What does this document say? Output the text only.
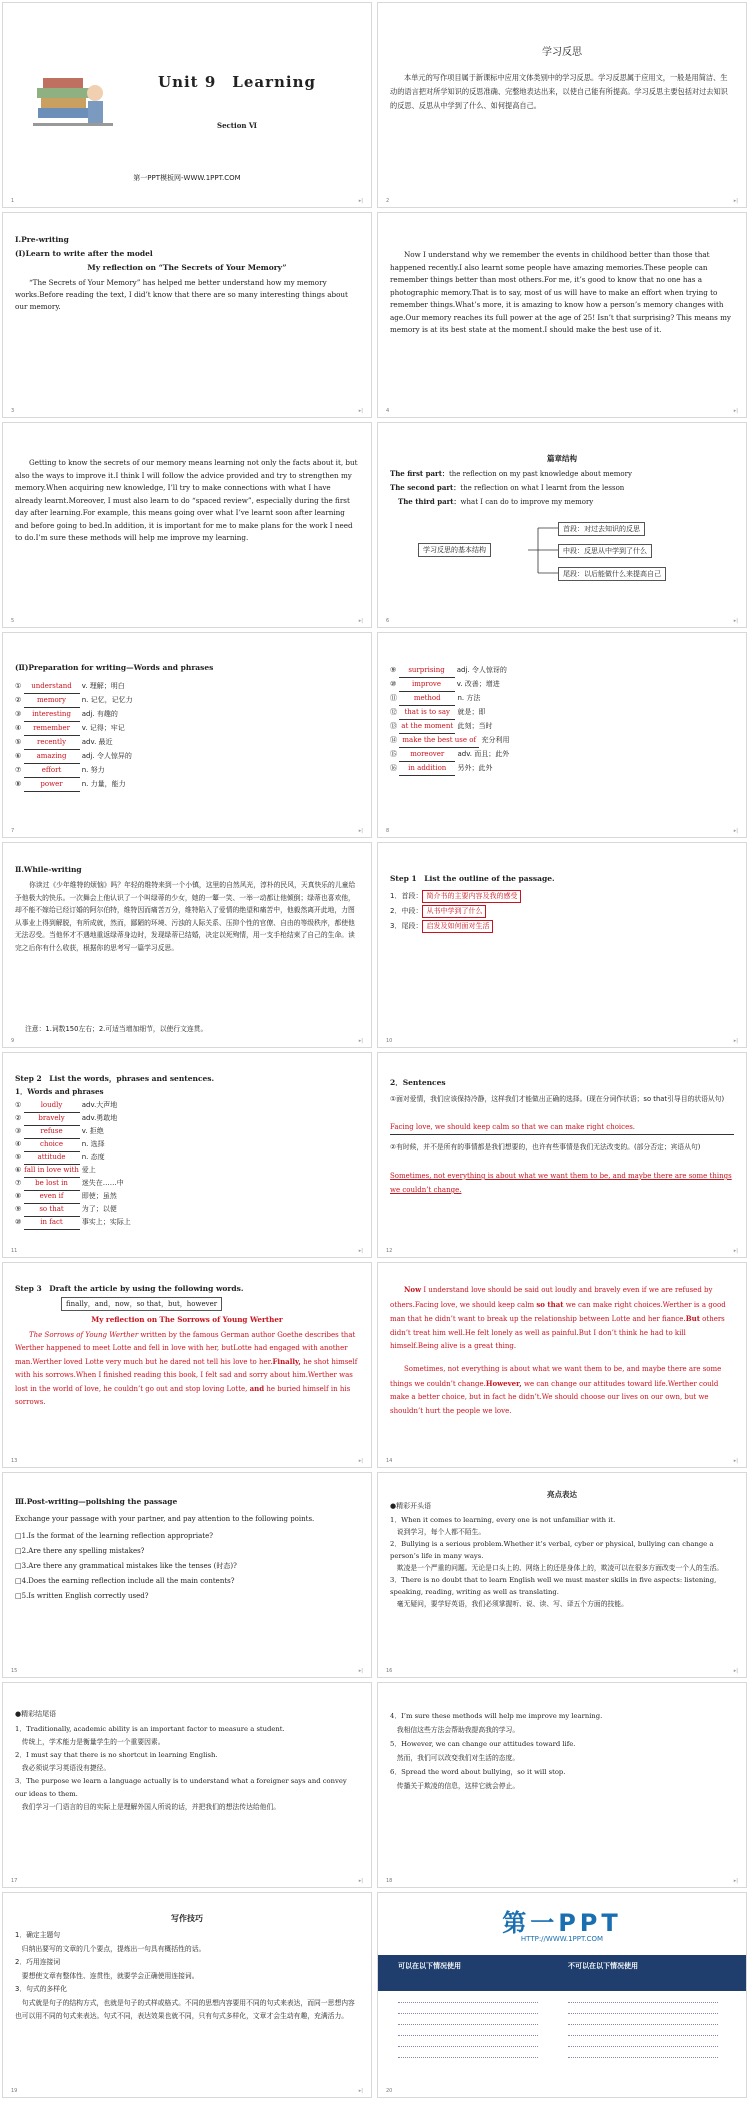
Unit 9　Learning
Section Ⅵ
第一PPT模板网-WWW.1PPT.COM
1	▸|
学习反思
本单元的写作项目属于新课标中应用文体类别中的学习反思。学习反思属于应用文，一般是用简洁、生动的语言把对所学知识的反思准确、完整地表达出来，以使自己能有所提高。学习反思主要包括对过去知识的反思、反思从中学到了什么、如何提高自己。
2	▸|
Ⅰ.Pre-writing
(Ⅰ)Learn to write after the model
My reflection on “The Secrets of Your Memory”
“The Secrets of Your Memory” has helped me better understand how my memory works.Before reading the text, I did’t know that there are so many interesting things about our memory.
3	▸|
Now I understand why we remember the events in childhood better than those that happened recently.I also learnt some people have amazing memories.These people can remember things better than most others.For me, it’s good to know that no one has a photographic memory.That is to say, most of us will have to make an effort when trying to remember things.What’s more, it is amazing to know how a person’s memory changes with age.Our memory reaches its full power at the age of 25! Isn’t that surprising? This means my memory is at its best state at the moment.I should make the best use of it.
4	▸|
Getting to know the secrets of our memory means learning not only the facts about it, but also the ways to improve it.I think I will follow the advice provided and try to strengthen my memory.When acquiring new knowledge, I’ll try to make connections with what I have already learnt.Moreover, I must also learn to do “spaced review”, especially during the first day after learning.For example, this means going over what I’ve learnt soon after learning and before going to bed.In addition, it is important for me to make plans for the work I need to do.I’m sure these methods will help me improve my learning.
5	▸|
篇章结构
The first part：the reflection on my past knowledge about memory
The second part：the reflection on what I learnt from the lesson
The third part：what I can do to improve my memory
学习反思的基本结构
首段：对过去知识的反思
中段：反思从中学到了什么
尾段：以后能做什么来提高自己
6	▸|
(Ⅱ)Preparation for writing—Words and phrases
① understand v. 理解；明白
② memory n. 记忆，记忆力
③ interesting adj. 有趣的
④ remember v. 记得；牢记
⑤ recently adv. 最近
⑥ amazing adj. 令人惊异的
⑦	effort	n. 努力
⑧	power	n. 力量，能力
7	▸|
⑨ surprising adj. 令人惊讶的
⑩ improve v. 改善；增进
⑪ method n. 方法
⑫ that is to say 就是；即
⑬ at the moment 此刻；当时
⑭ make the best use of 充分利用
⑮ moreover adv. 而且；此外
⑯ in addition 另外；此外
8	▸|
Ⅱ.While-writing
你读过《少年维特的烦恼》吗？年轻的维特来到一个小镇，这里的自然风光，淳朴的民风，天真快乐的儿童给予他极大的快乐。一次舞会上他认识了一个叫绿蒂的少女，她的一颦一笑、一举一动都让他倾倒；绿蒂也喜欢他，却不能不嫁给已经订婚的阿尔伯特，维特因而痛苦万分，维特陷入了爱情的绝望和痛苦中，他毅然离开此地，力图从事业上得到解脱，有所成就，然而，鄙陋的环境、污浊的人际关系、压抑个性的官僚、自由的等级秩序，都使他无法忍受。当他怀才不遇地重返绿蒂身边时，发现绿蒂已结婚，决定以死殉情，用一支手枪结束了自己的生命。读完之后你有什么收获，根据你的思考写一篇学习反思。
注意：1.词数150左右；2.可适当增加细节，以使行文连贯。
9	▸|
Step 1　List the outline of the passage.
1．首段： 简介书的主要内容及我的感受
2．中段： 从书中学到了什么
3．尾段： 启发及如何面对生活
10	▸|
Step 2　List the words，phrases and sentences.
1．Words and phrases
①	loudly	adv.大声地
② bravely adv.勇敢地
③	refuse	v. 拒绝
④	choice	n. 选择
⑤ attitude n. 态度
⑥ fall in love with 爱上
⑦ be lost in 迷失在……中
⑧	even if	即使；虽然
⑨	so that	为了；以便
⑩	in fact	事实上；实际上
11	▸|
2．Sentences
①面对爱情，我们应该保持冷静，这样我们才能做出正确的选择。(现在分词作状语；so that引导目的状语从句)
Facing love, we should keep calm so that we can make right choices.
②有时候，并不是所有的事情都是我们想要的，也许有些事情是我们无法改变的。(部分否定；宾语从句)
Sometimes, not everything is about what we want them to be, and maybe there are some things we couldn’t change.
12	▸|
Step 3　Draft the article by using the following words.
finally，and，now，so that，but，however
My reflection on The Sorrows of Young Werther
The Sorrows of Young Werther written by the famous German author Goethe describes that Werther happened to meet Lotte and fell in love with her, butLotte had engaged with another man.Werther loved Lotte very much but he dared not tell his love to her.Finally, he shot himself with his sorrows.When I finished reading this book, I felt sad and sorry about him.Werther was lost in the world of love, he couldn’t go out and stop loving Lotte, and he buried himself in his sorrows.
13	▸|
Now I understand love should be said out loudly and bravely even if we are refused by others.Facing love, we should keep calm so that we can make right choices.Werther is a good man that he didn’t want to break up the relationship between Lotte and her fiance.But others didn’t treat him well.He felt lonely as well as painful.But I don’t think he had to kill himself.Being alive is a great thing.
Sometimes, not everything is about what we want them to be, and maybe there are some things we couldn’t change.However, we can change our attitudes toward life.Werther could make a better choice, but in fact he didn’t.We should choose our lives on our own, but we shouldn’t hurt the people we love.
14	▸|
Ⅲ.Post-writing—polishing the passage
Exchange your passage with your partner, and pay attention to the following points.
□1.Is the format of the learning reflection appropriate?
□2.Are there any spelling mistakes?
□3.Are there any grammatical mistakes like the tenses (时态)?
□4.Does the earning reflection include all the main contents?
□5.Is written English correctly used?
15	▸|
亮点表达
●精彩开头语
1．When it comes to learning, every one is not unfamiliar with it.
　说到学习，每个人都不陌生。
2．Bullying is a serious problem.Whether it’s verbal, cyber or physical, bullying can change a person’s life in many ways.
　欺凌是一个严重的问题。无论是口头上的、网络上的还是身体上的，欺凌可以在很多方面改变一个人的生活。
3．There is no doubt that to learn English well we must master skills in five aspects: listening, speaking, reading, writing as well as translating.
　毫无疑问，要学好英语，我们必须掌握听、说、读、写、译五个方面的技能。
16	▸|
●精彩结尾语
1．Traditionally, academic ability is an important factor to measure a student.
　传统上，学术能力是衡量学生的一个重要因素。
2．I must say that there is no shortcut in learning English.
　我必须说学习英语没有捷径。
3．The purpose we learn a language actually is to understand what a foreigner says and convey our ideas to them.
　我们学习一门语言的目的实际上是理解外国人所说的话，并把我们的想法传达给他们。
17	▸|
4．I’m sure these methods will help me improve my learning.
　我相信这些方法会帮助我提高我的学习。
5．However, we can change our attitudes toward life.
　然而，我们可以改变我们对生活的态度。
6．Spread the word about bullying，so it will stop.
　传播关于欺凌的信息，这样它就会停止。
18	▸|
写作技巧
1．确定主题句
　归纳出要写的文章的几个要点，提炼出一句具有概括性的话。
2．巧用连接词
　要想使文章有整体性、连贯性，就要学会正确使用连接词。
3．句式的多样化
　句式就是句子的结构方式，也就是句子的式样或格式。不同的思想内容要用不同的句式来表达，而同一思想内容也可以用不同的句式来表达。句式不同，表达效果也就不同，只有句式多样化，文章才会生动有趣，充满活力。
19	▸|
第一PPT
HTTP://WWW.1PPT.COM
可以在以下情况使用	不可以在以下情况使用
20
